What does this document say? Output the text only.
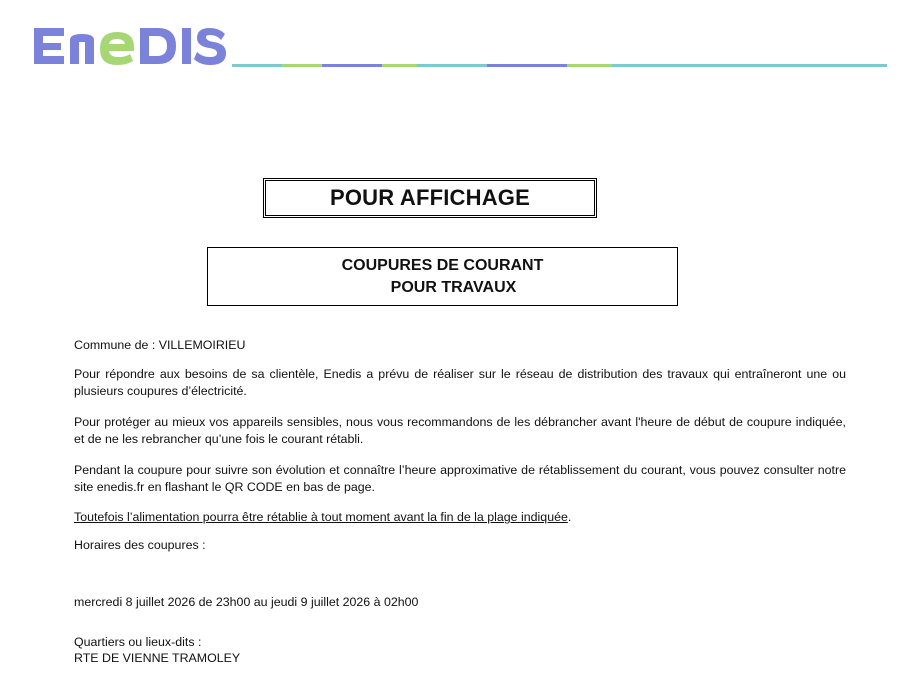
POUR AFFICHAGE
COUPURES DE COURANT
POUR TRAVAUX

Commune de : VILLEMOIRIEU

Pour répondre aux besoins de sa clientèle, Enedis a prévu de réaliser sur le réseau de distribution des travaux qui entraîneront une ou plusieurs coupures d’électricité.

Pour protéger au mieux vos appareils sensibles, nous vous recommandons de les débrancher avant l'heure de début de coupure indiquée, et de ne les rebrancher qu’une fois le courant rétabli.

Pendant la coupure pour suivre son évolution et connaître l’heure approximative de rétablissement du courant, vous pouvez consulter notre site enedis.fr en flashant le QR CODE en bas de page.

Toutefois l’alimentation pourra être rétablie à tout moment avant la fin de la plage indiquée.

Horaires des coupures :

mercredi 8 juillet 2026 de 23h00 au jeudi 9 juillet 2026 à 02h00

Quartiers ou lieux-dits :

RTE DE VIENNE TRAMOLEY
